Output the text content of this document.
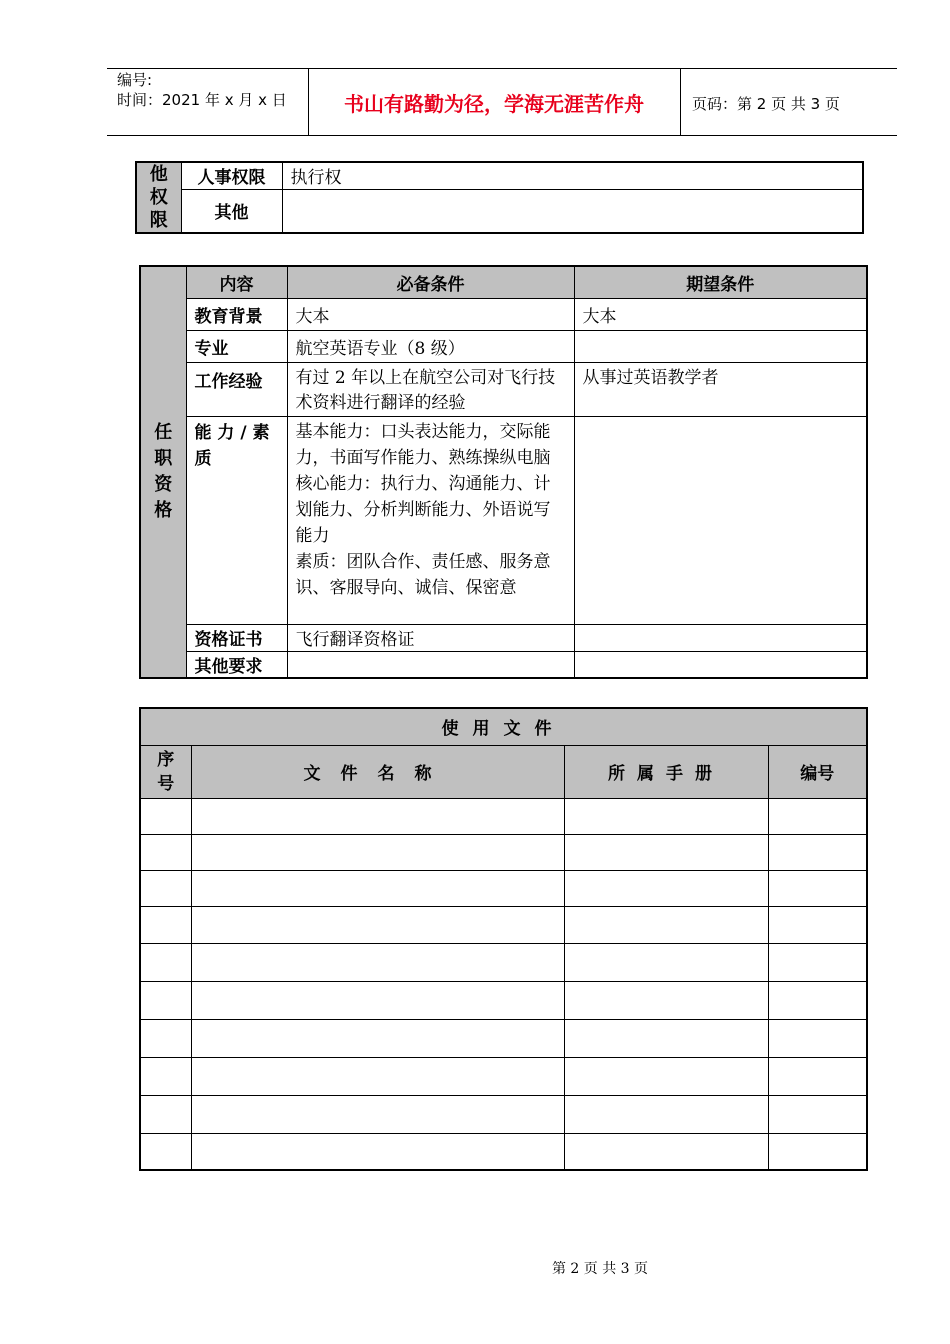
编号:
时间：2021 年 x 月 x 日	书山有路勤为径，学海无涯苦作舟	页码：第 2 页 共 3 页
他
权
限	人事权限	执行权
	其他	
任
职
资
格	内容	必备条件	期望条件
	教育背景	大本	大本
	专业	航空英语专业（8 级）	
	工作经验	有过 2 年以上在航空公司对飞行技术资料进行翻译的经验	从事过英语教学者
	能 力 / 素 质	基本能力：口头表达能力，交际能力，书面写作能力、熟练操纵电脑
核心能力：执行力、沟通能力、计划能力、分析判断能力、外语说写能力
素质：团队合作、责任感、服务意识、客服导向、诚信、保密意	
	资格证书	飞行翻译资格证	
	其他要求		
使用文件			

序
号	文件名称	所属手册	编号

第 2 页 共 3 页
